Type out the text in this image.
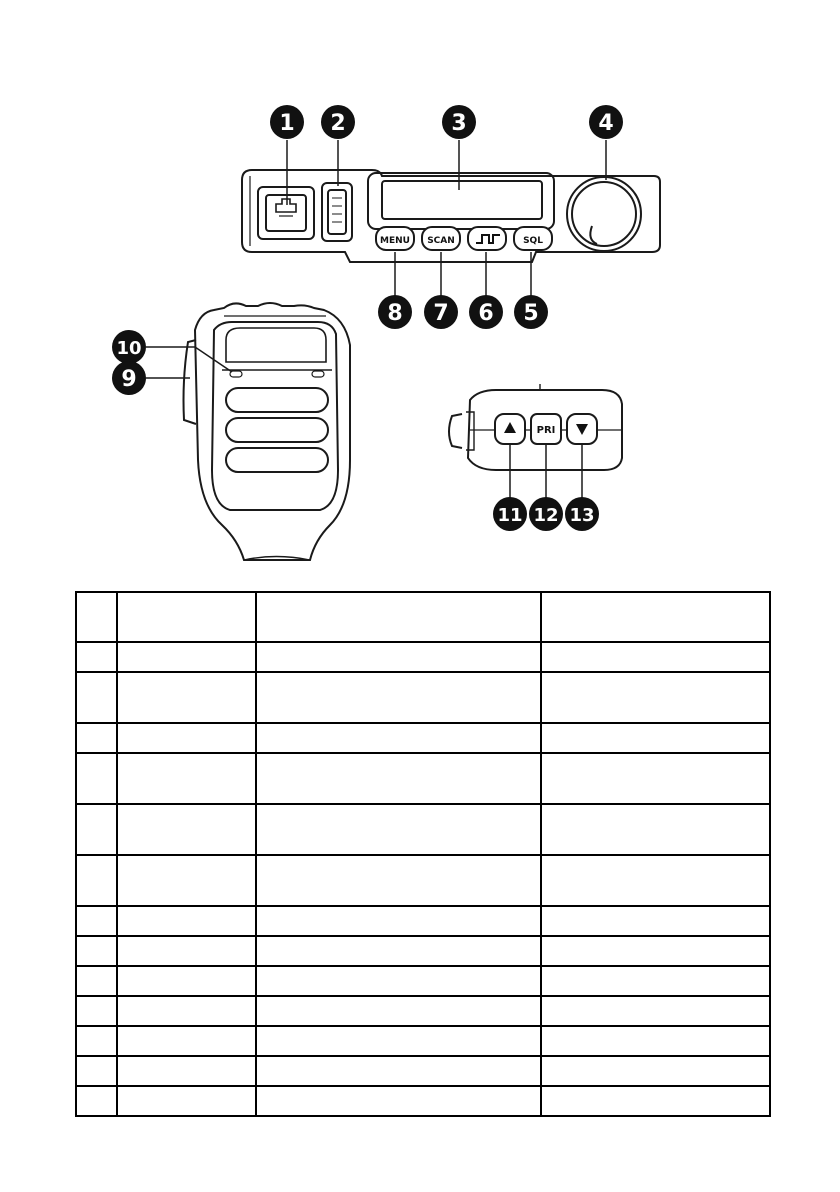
MENU SCAN	SQL
PRI
1 2	3	4
5
6
7
8
10
9
11 12 13
